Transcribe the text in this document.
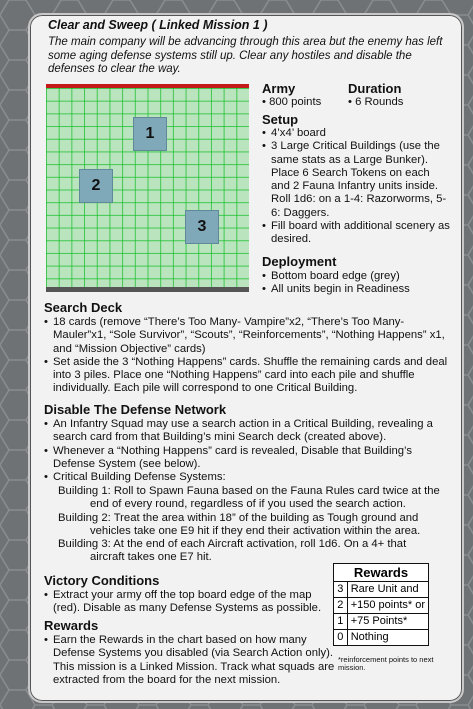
Clear and Sweep ( Linked Mission 1 )
The main company will be advancing through this area but the enemy has left some aging defense systems still up. Clear any hostiles and disable the defenses to clear the way.
1
2
3
Army
• 800 points
Duration
• 6 Rounds
Setup
• 4’x4’ board
• 3 Large Critical Buildings (use the same stats as a Large Bunker). Place 6 Search Tokens on each and 2 Fauna Infantry units inside. Roll 1d6: on a 1-4: Razorworms, 5-6: Daggers.
• Fill board with additional scenery as desired.
Deployment
• Bottom board edge (grey)
• All units begin in Readiness
Search Deck
• 18 cards (remove “There’s Too Many- Vampire”x2, “There’s Too Many-Mauler”x1, “Sole Survivor”, “Scouts”, “Reinforcements”, “Nothing Happens” x1, and “Mission Objective” cards)
• Set aside the 3 “Nothing Happens” cards. Shuffle the remaining cards and deal into 3 piles. Place one “Nothing Happens” card into each pile and shuffle individually. Each pile will correspond to one Critical Building.
Disable The Defense Network
• An Infantry Squad may use a search action in a Critical Building, revealing a search card from that Building’s mini Search deck (created above).
• Whenever a “Nothing Happens” card is revealed, Disable that Building’s Defense System (see below).
• Critical Building Defense Systems:
Building 1: Roll to Spawn Fauna based on the Fauna Rules card twice at the end of every round, regardless of if you used the search action.
Building 2: Treat the area within 18” of the building as Tough ground and vehicles take one E9 hit if they end their activation within the area.
Building 3: At the end of each Aircraft activation, roll 1d6. On a 4+ that aircraft takes one E7 hit.
Victory Conditions
• Extract your army off the top board edge of the map (red). Disable as many Defense Systems as possible.
Rewards
• Earn the Rewards in the chart based on how many Defense Systems you disabled (via Search Action only). This mission is a Linked Mission. Track what squads are extracted from the board for the next mission.
Rewards	
3	Rare Unit and
2	+150 points* or
1	+75 Points*
0	Nothing
*reinforcement points to next mission.
